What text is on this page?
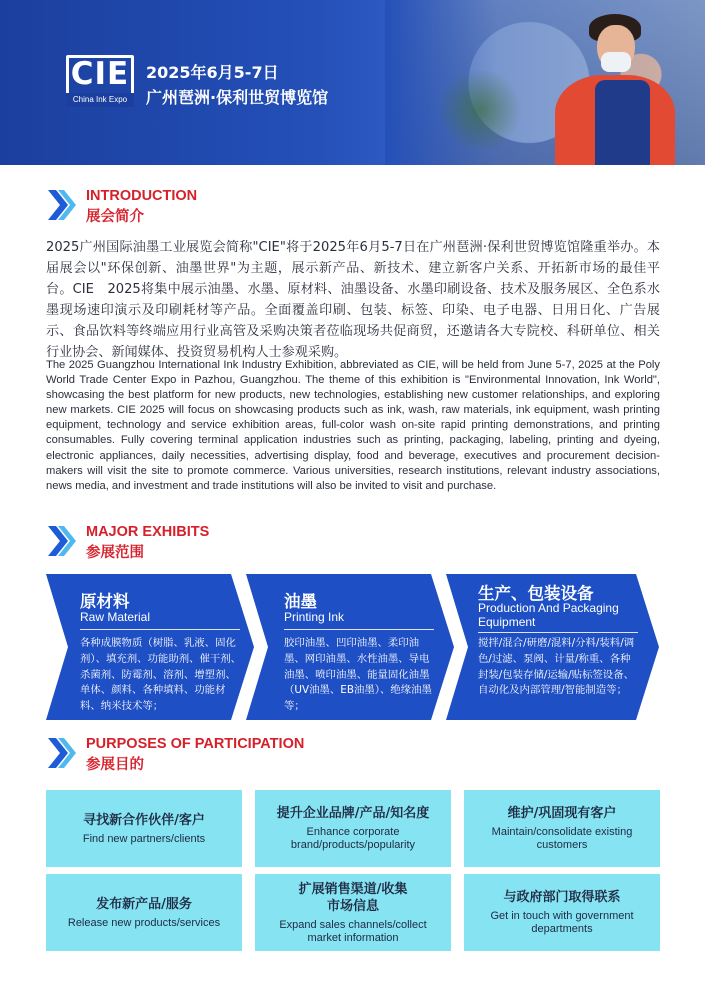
CIE
China Ink Expo
2025年6月5-7日
广州琶洲·保利世贸博览馆
INTRODUCTION
展会简介
2025广州国际油墨工业展览会简称"CIE"将于2025年6月5-7日在广州琶洲·保利世贸博览馆隆重举办。本届展会以"环保创新、油墨世界"为主题，展示新产品、新技术、建立新客户关系、开拓新市场的最佳平台。CIE　2025将集中展示油墨、水墨、原材料、油墨设备、水墨印刷设备、技术及服务展区、全色系水墨现场速印演示及印刷耗材等产品。全面覆盖印刷、包装、标签、印染、电子电器、日用日化、广告展示、食品饮料等终端应用行业高管及采购决策者莅临现场共促商贸，还邀请各大专院校、科研单位、相关行业协会、新闻媒体、投资贸易机构人士参观采购。
The 2025 Guangzhou International Ink Industry Exhibition, abbreviated as CIE, will be held from June 5-7, 2025 at the Poly World Trade Center Expo in Pazhou, Guangzhou. The theme of this exhibition is "Environmental Innovation, Ink World", showcasing the best platform for new products, new technologies, establishing new customer relationships, and exploring new markets. CIE 2025 will focus on showcasing products such as ink, wash, raw materials, ink equipment, wash printing equipment, technology and service exhibition areas, full-color wash on-site rapid printing demonstrations, and printing consumables. Fully covering terminal application industries such as printing, packaging, labeling, printing and dyeing, electronic appliances, daily necessities, advertising display, food and beverage, executives and procurement decision-makers will visit the site to promote commerce. Various universities, research institutions, relevant industry associations, news media, and investment and trade institutions will also be invited to visit and purchase.
MAJOR EXHIBITS
参展范围
原材料
Raw Material
各种成膜物质（树脂、乳液、固化剂）、填充剂、功能助剂、催干剂、杀菌剂、防霉剂、溶剂、增塑剂、单体、颜料、各种填料、功能材料、纳米技术等；
油墨
Printing Ink
胶印油墨、凹印油墨、柔印油墨、网印油墨、水性油墨、导电油墨、喷印油墨、能量固化油墨（UV油墨、EB油墨）、绝缘油墨等；
生产、包装设备
Production And Packaging Equipment
搅拌/混合/研磨/混料/分料/装料/调色/过滤、泵阀、计量/称重、各种封装/包装存储/运输/贴标签设备、自动化及内部管理/智能制造等；
PURPOSES OF PARTICIPATION
参展目的
寻找新合作伙伴/客户
Find new partners/clients
提升企业品牌/产品/知名度
Enhance corporate brand/products/popularity
维护/巩固现有客户
Maintain/consolidate existing customers
发布新产品/服务
Release new products/services
扩展销售渠道/收集市场信息
Expand sales channels/collect market information
与政府部门取得联系
Get in touch with government departments
